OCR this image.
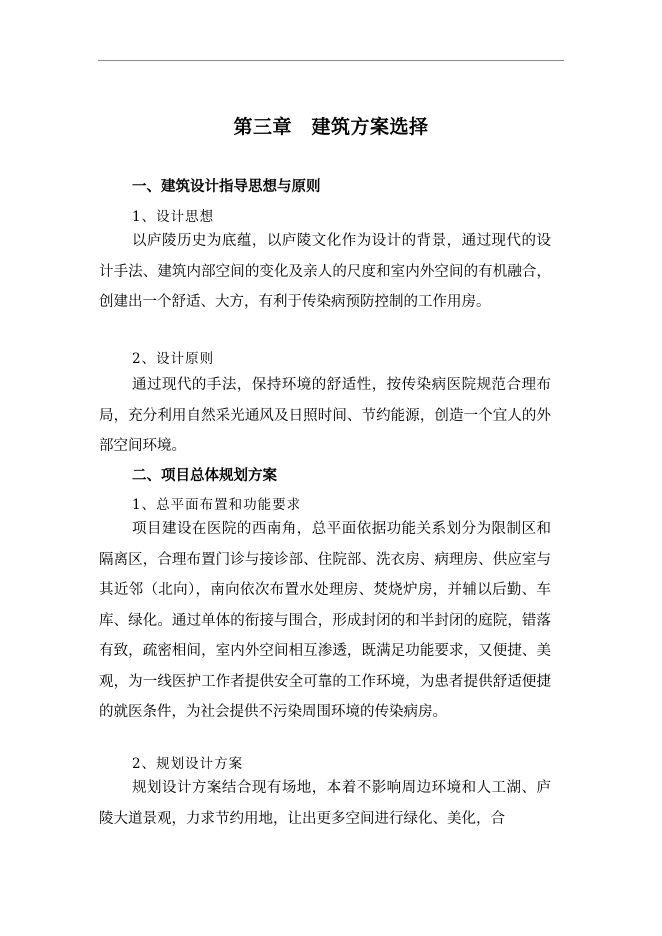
第三章　建筑方案选择
一、建筑设计指导思想与原则
1、设计思想

以庐陵历史为底蕴，以庐陵文化作为设计的背景，通过现代的设计手法、建筑内部空间的变化及亲人的尺度和室内外空间的有机融合，创建出一个舒适、大方，有利于传染病预防控制的工作用房。

2、设计原则

通过现代的手法，保持环境的舒适性，按传染病医院规范合理布局，充分利用自然采光通风及日照时间、节约能源，创造一个宜人的外部空间环境。

二、项目总体规划方案
1、总平面布置和功能要求

项目建设在医院的西南角，总平面依据功能关系划分为限制区和隔离区，合理布置门诊与接诊部、住院部、洗衣房、病理房、供应室与其近邻（北向），南向依次布置水处理房、焚烧炉房，并辅以后勤、车库、绿化。通过单体的衔接与围合，形成封闭的和半封闭的庭院，错落有致，疏密相间，室内外空间相互渗透，既满足功能要求，又便捷、美观，为一线医护工作者提供安全可靠的工作环境，为患者提供舒适便捷的就医条件，为社会提供不污染周围环境的传染病房。

2、规划设计方案

规划设计方案结合现有场地，本着不影响周边环境和人工湖、庐陵大道景观，力求节约用地，让出更多空间进行绿化、美化，合
